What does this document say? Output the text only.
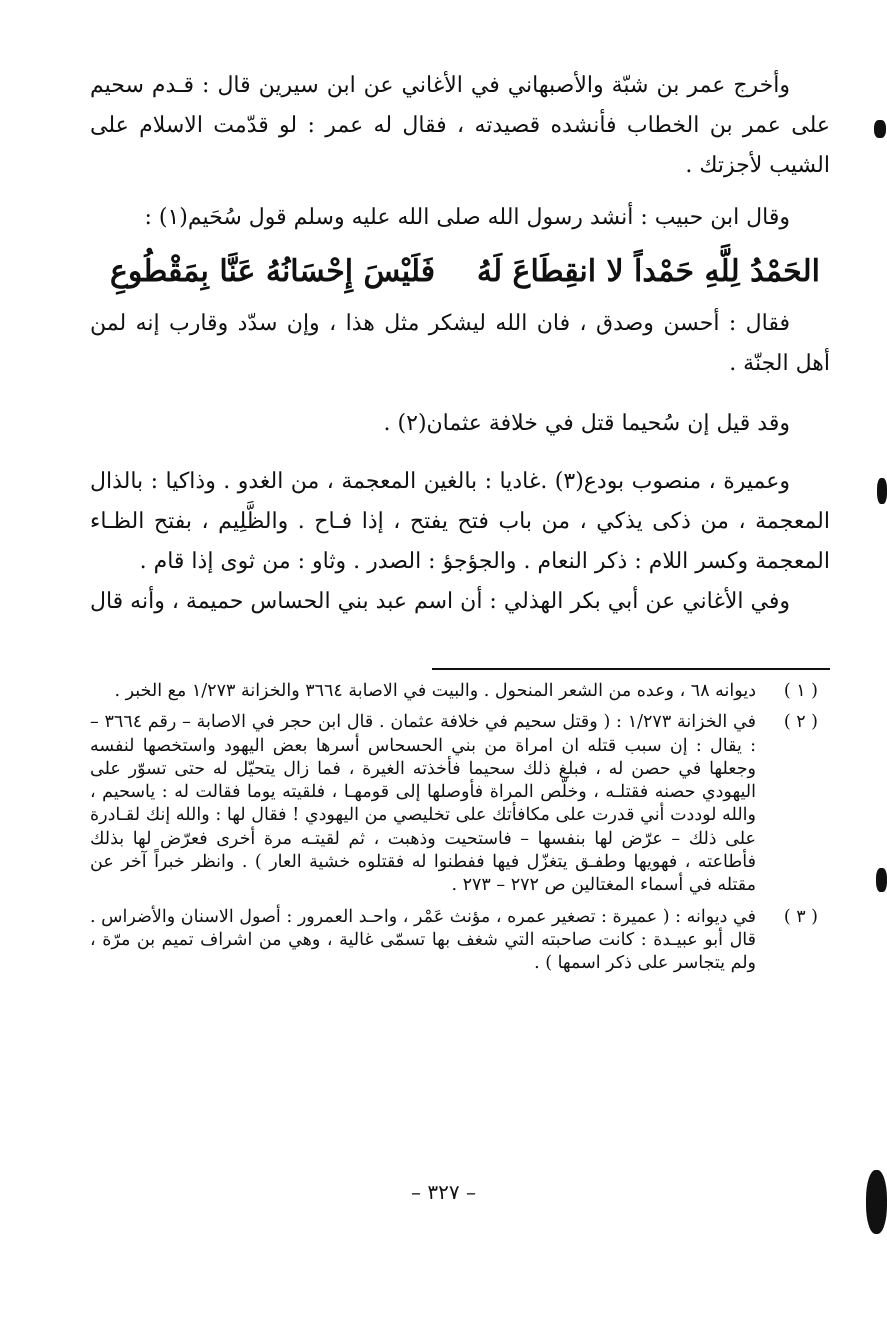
وأخرج عمر بن شبّة والأصبهاني في الأغاني عن ابن سيرين قال : قـدم سحيم على عمر بن الخطاب فأنشده قصيدته ، فقال له عمر : لو قدّمت الاسلام على الشيب لأجزتك .

وقال ابن حبيب : أنشد رسول الله صلى الله عليه وسلم قول سُحَيم(١) :

الحَمْدُ لِلَّهِ حَمْداً لا انقِطَاعَ لَهُ
فَلَيْسَ إِحْسَانُهُ عَنَّا بِمَقْطُوعِ

فقال : أحسن وصدق ، فان الله ليشكر مثل هذا ، وإن سدّد وقارب إنه لمن أهل الجنّة .

وقد قيل إن سُحيما قتل في خلافة عثمان(٢) .

وعميرة ، منصوب بودع(٣) .غاديا : بالغين المعجمة ، من الغدو . وذاكيا : بالذال المعجمة ، من ذكى يذكي ، من باب فتح يفتح ، إذا فـاح . والظَّلِيم ، بفتح الظـاء المعجمة وكسر اللام : ذكر النعام . والجؤجؤ : الصدر . وثاو : من ثوى إذا قام .

وفي الأغاني عن أبي بكر الهذلي : أن اسم عبد بني الحساس حميمة ، وأنه قال

( ١ )
ديوانه ٦٨ ، وعده من الشعر المنحول . والبيت في الاصابة ٣٦٦٤ والخزانة ١/٢٧٣ مع الخبر .
( ٢ )
في الخزانة ١/٢٧٣ : ( وقتل سحيم في خلافة عثمان . قال ابن حجر في الاصابة – رقم ٣٦٦٤ – : يقال : إن سبب قتله ان امراة من بني الحسحاس أسرها بعض اليهود واستخصها لنفسه وجعلها في حصن له ، فبلغ ذلك سحيما فأخذته الغيرة ، فما زال يتحيّل له حتى تسوّر على اليهودي حصنه فقتلـه ، وخلّص المراة فأوصلها إلى قومهـا ، فلقيته يوما فقالت له : ياسحيم ، والله لوددت أني قدرت على مكافأتك على تخليصي من اليهودي ! فقال لها : والله إنك لقـادرة على ذلك – عرّض لها بنفسها – فاستحيت وذهبت ، ثم لقيتـه مرة أخرى فعرّض لها بذلك فأطاعته ، فهويها وطفـق يتغزّل فيها ففطنوا له فقتلوه خشية العار ) . وانظر خبراً آخر عن مقتله في أسماء المغتالين ص ٢٧٢ – ٢٧٣ .
( ٣ )
في ديوانه : ( عميرة : تصغير عمره ، مؤنث عَمْر ، واحـد العمرور : أصول الاسنان والأضراس . قال أبو عبيـدة : كانت صاحبته التي شغف بها تسمّى غالية ، وهي من اشراف تميم بن مرّة ، ولم يتجاسر على ذكر اسمها ) .
– ٣٢٧ –
